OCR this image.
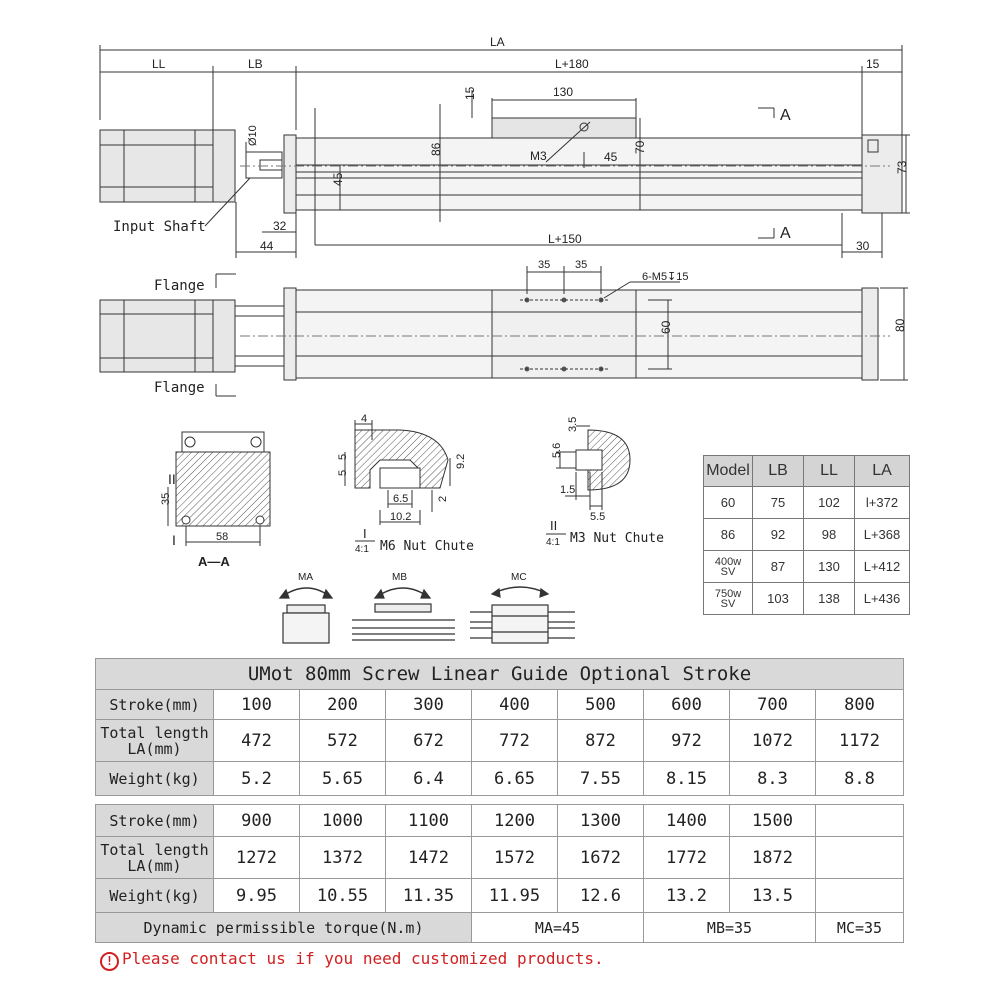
LA
LL	LB	L+180	15
130
15
86
45
70
M3
73
45
Ø10
32
44	L+150	30
A
A
Input Shaft
35 35
6-M5↧15
60	80
Flange
Flange
35
58
II
I
A—A
4
5
5
6.5
10.2
9.2
2
I
4:1 M6 Nut Chute
3.5
5.6
1.5
5.5
II
4:1 M3 Nut Chute
Model	LB	LL	LA
60	75	102	l+372
86	92	98	L+368

400w
SV	87	130	L+412

750w
SV	103	138	L+436
MA	MB	MC
UMot 80mm Screw Linear Guide Optional Stroke								
Stroke(mm)	100	200	300	400	500	600	700	800

Total length
LA(mm)	472	572	672	772	872	972	1072	1172
Weight(kg)	5.2	5.65	6.4	6.65	7.55	8.15	8.3	8.8
Stroke(mm)	900	1000	1100	1200	1300	1400	1500	

Total length
LA(mm)	1272	1372	1472	1572	1672	1772	1872	
Weight(kg)	9.95	10.55	11.35	11.95	12.6	13.2	13.5	
Dynamic permissible torque(N.m)				MA=45		MB=35		MC=35
! Please contact us if you need customized products.
